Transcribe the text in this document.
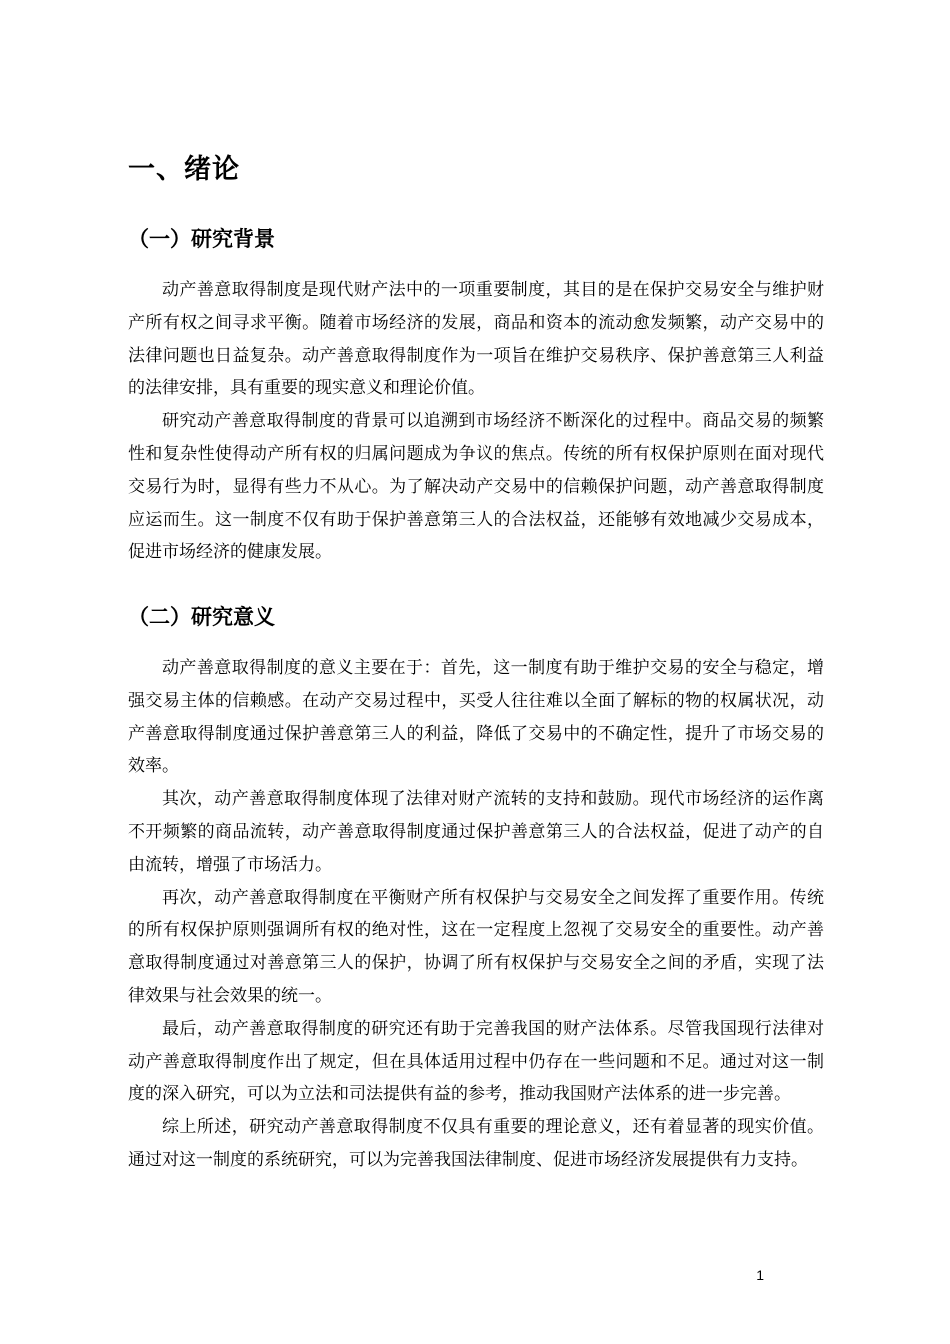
一、绪论
（一）研究背景

动产善意取得制度是现代财产法中的一项重要制度，其目的是在保护交易安全与维护财产所有权之间寻求平衡。随着市场经济的发展，商品和资本的流动愈发频繁，动产交易中的法律问题也日益复杂。动产善意取得制度作为一项旨在维护交易秩序、保护善意第三人利益的法律安排，具有重要的现实意义和理论价值。

研究动产善意取得制度的背景可以追溯到市场经济不断深化的过程中。商品交易的频繁性和复杂性使得动产所有权的归属问题成为争议的焦点。传统的所有权保护原则在面对现代交易行为时，显得有些力不从心。为了解决动产交易中的信赖保护问题，动产善意取得制度应运而生。这一制度不仅有助于保护善意第三人的合法权益，还能够有效地减少交易成本，促进市场经济的健康发展。

（二）研究意义

动产善意取得制度的意义主要在于：首先，这一制度有助于维护交易的安全与稳定，增强交易主体的信赖感。在动产交易过程中，买受人往往难以全面了解标的物的权属状况，动产善意取得制度通过保护善意第三人的利益，降低了交易中的不确定性，提升了市场交易的效率。

其次，动产善意取得制度体现了法律对财产流转的支持和鼓励。现代市场经济的运作离不开频繁的商品流转，动产善意取得制度通过保护善意第三人的合法权益，促进了动产的自由流转，增强了市场活力。

再次，动产善意取得制度在平衡财产所有权保护与交易安全之间发挥了重要作用。传统的所有权保护原则强调所有权的绝对性，这在一定程度上忽视了交易安全的重要性。动产善意取得制度通过对善意第三人的保护，协调了所有权保护与交易安全之间的矛盾，实现了法律效果与社会效果的统一。

最后，动产善意取得制度的研究还有助于完善我国的财产法体系。尽管我国现行法律对动产善意取得制度作出了规定，但在具体适用过程中仍存在一些问题和不足。通过对这一制度的深入研究，可以为立法和司法提供有益的参考，推动我国财产法体系的进一步完善。

综上所述，研究动产善意取得制度不仅具有重要的理论意义，还有着显著的现实价值。通过对这一制度的系统研究，可以为完善我国法律制度、促进市场经济发展提供有力支持。

1
